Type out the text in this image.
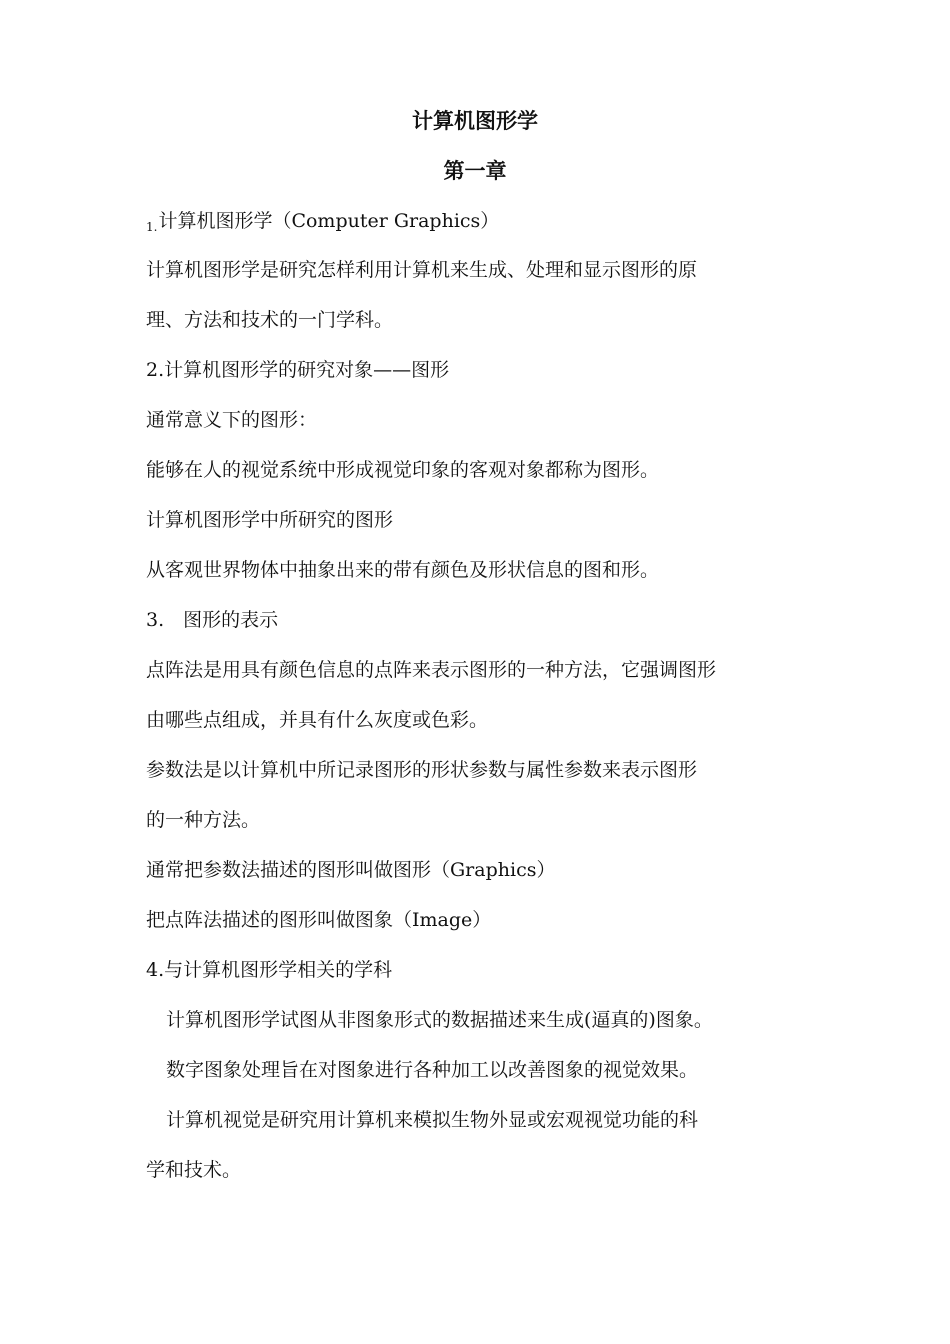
计算机图形学
第一章
$_{1.}$计算机图形学（Computer Graphics）
计算机图形学是研究怎样利用计算机来生成、处理和显示图形的原
理、方法和技术的一门学科。
2.计算机图形学的研究对象——图形
通常意义下的图形：
能够在人的视觉系统中形成视觉印象的客观对象都称为图形。
计算机图形学中所研究的图形
从客观世界物体中抽象出来的带有颜色及形状信息的图和形。
3.　图形的表示
点阵法是用具有颜色信息的点阵来表示图形的一种方法，它强调图形
由哪些点组成，并具有什么灰度或色彩。
参数法是以计算机中所记录图形的形状参数与属性参数来表示图形
的一种方法。
通常把参数法描述的图形叫做图形（Graphics）
把点阵法描述的图形叫做图象（Image）
4.与计算机图形学相关的学科
计算机图形学试图从非图象形式的数据描述来生成(逼真的)图象。
数字图象处理旨在对图象进行各种加工以改善图象的视觉效果。
计算机视觉是研究用计算机来模拟生物外显或宏观视觉功能的科
学和技术。
